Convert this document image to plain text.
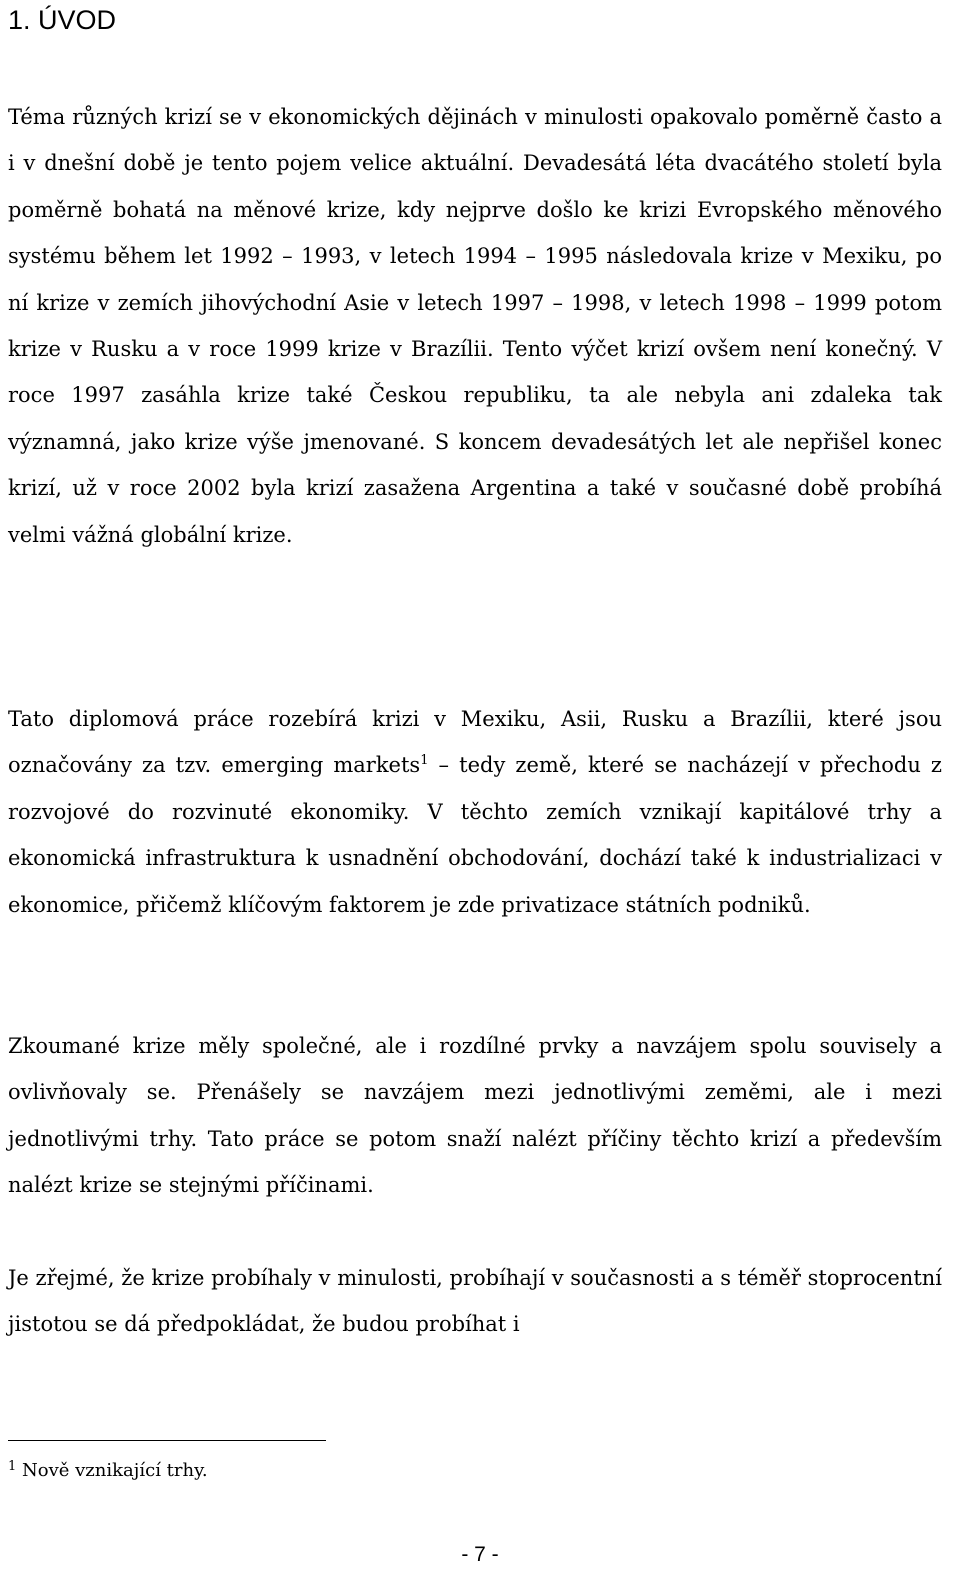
1. ÚVOD

Téma různých krizí se v ekonomických dějinách v minulosti opakovalo poměrně často a i v dnešní době je tento pojem velice aktuální. Devadesátá léta dvacátého století byla poměrně bohatá na měnové krize, kdy nejprve došlo ke krizi Evropského měnového systému během let 1992 – 1993, v letech 1994 – 1995 následovala krize v Mexiku, po ní krize v zemích jihovýchodní Asie v letech 1997 – 1998, v letech 1998 – 1999 potom krize v Rusku a v roce 1999 krize v Brazílii. Tento výčet krizí ovšem není konečný. V roce 1997 zasáhla krize také Českou republiku, ta ale nebyla ani zdaleka tak významná, jako krize výše jmenované. S koncem devadesátých let ale nepřišel konec krizí, už v roce 2002 byla krizí zasažena Argentina a také v současné době probíhá velmi vážná globální krize.

Tato diplomová práce rozebírá krizi v Mexiku, Asii, Rusku a Brazílii, které jsou označovány za tzv. emerging markets$^1$ – tedy země, které se nacházejí v přechodu z rozvojové do rozvinuté ekonomiky. V těchto zemích vznikají kapitálové trhy a ekonomická infrastruktura k usnadnění obchodování, dochází také k industrializaci v ekonomice, přičemž klíčovým faktorem je zde privatizace státních podniků.

Zkoumané krize měly společné, ale i rozdílné prvky a navzájem spolu souvisely a ovlivňovaly se. Přenášely se navzájem mezi jednotlivými zeměmi, ale i mezi jednotlivými trhy. Tato práce se potom snaží nalézt příčiny těchto krizí a především nalézt krize se stejnými příčinami.

Je zřejmé, že krize probíhaly v minulosti, probíhají v současnosti a s téměř stoprocentní jistotou se dá předpokládat, že budou probíhat i

$^1$ Nově vznikající trhy.

- 7 -
